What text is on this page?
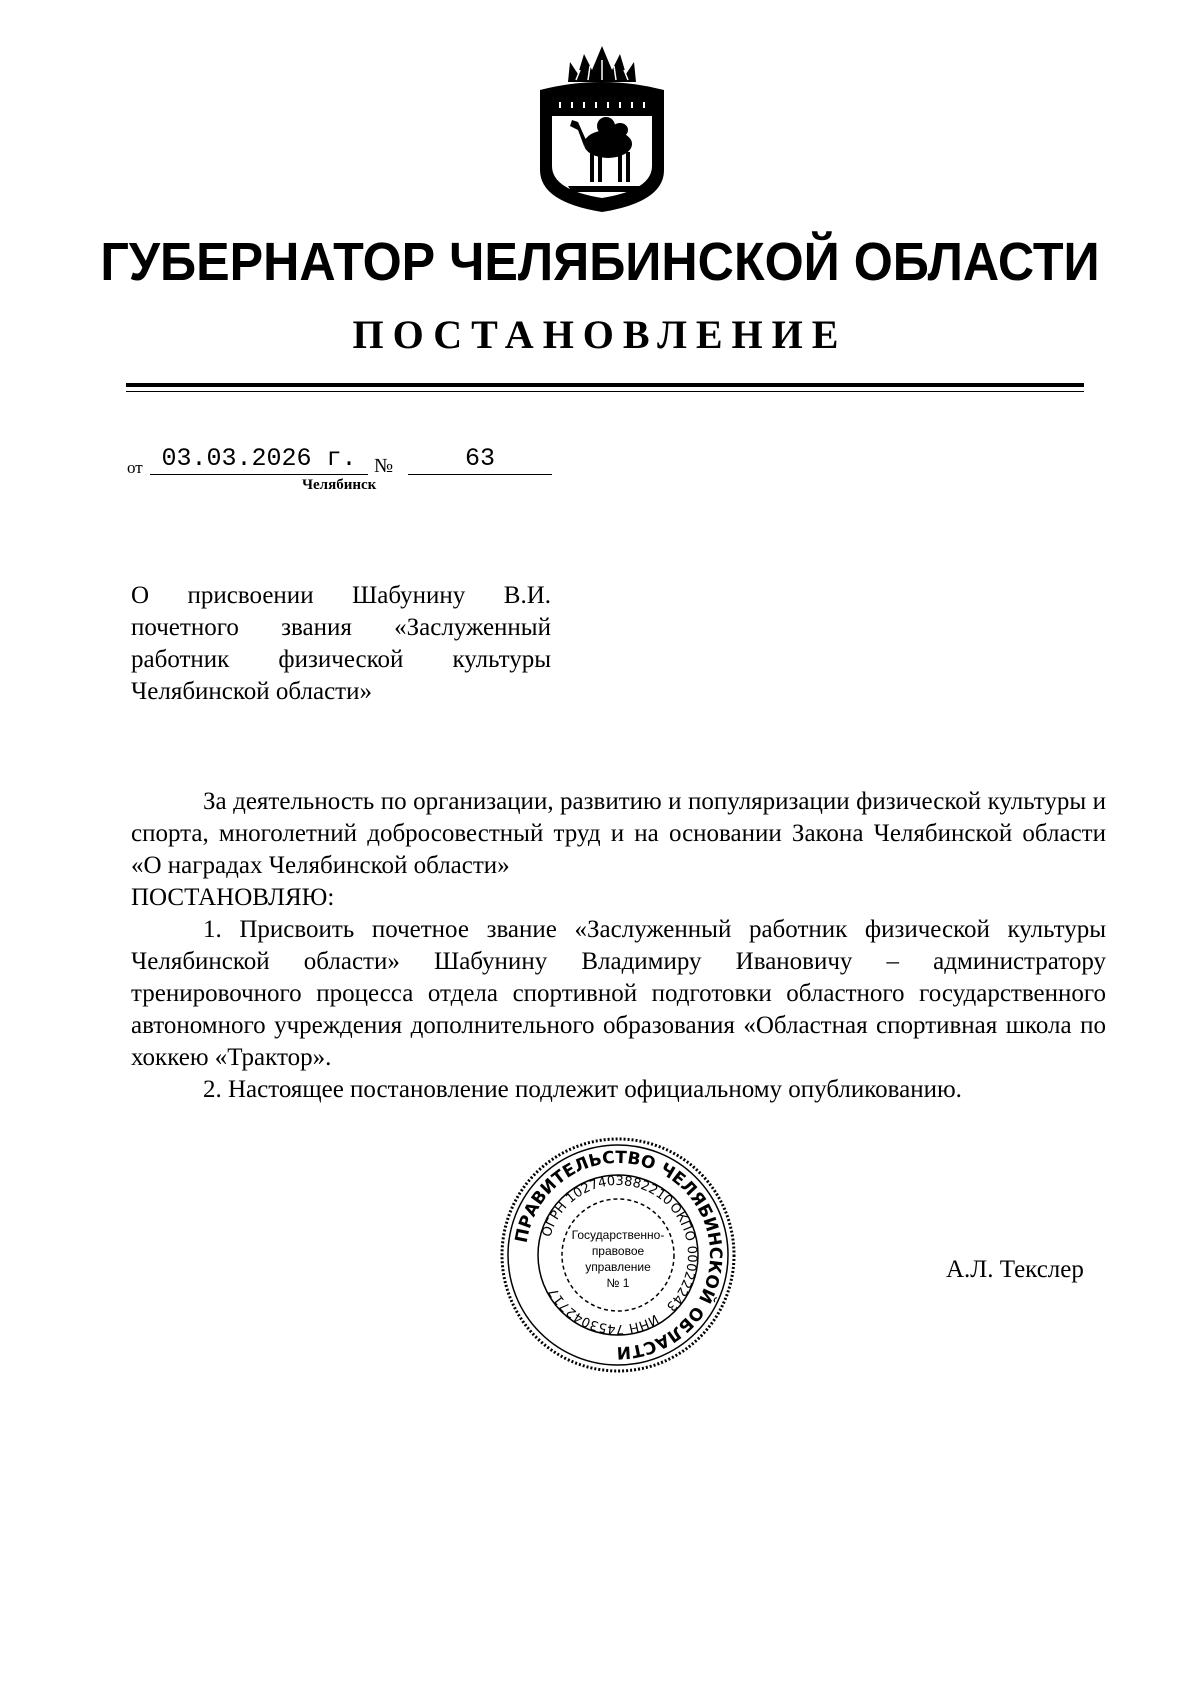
ГУБЕРНАТОР ЧЕЛЯБИНСКОЙ ОБЛАСТИ
ПОСТАНОВЛЕНИЕ
от 03.03.2026 г. №	63
Челябинск
О присвоении Шабунину В.И. почетного звания «Заслуженный работник физической культуры Челябинской области»
За деятельность по организации, развитию и популяризации физической культуры и спорта, многолетний добросовестный труд и на основании Закона Челябинской области «О наградах Челябинской области»
ПОСТАНОВЛЯЮ:
1. Присвоить почетное звание «Заслуженный работник физической культуры Челябинской области» Шабунину Владимиру Ивановичу – администратору тренировочного процесса отдела спортивной подготовки областного государственного автономного учреждения дополнительного образования «Областная спортивная школа по хоккею «Трактор».
2. Настоящее постановление подлежит официальному опубликованию.
ПРАВИТЕЛЬСТВО ЧЕЛЯБИНСКОЙ ОБЛАСТИ
ОГРН 1027403882210
ОКПО 00022243
ИНН 7453042717
Государственно-
правовое
управление
№ 1	А.Л. Текслер
